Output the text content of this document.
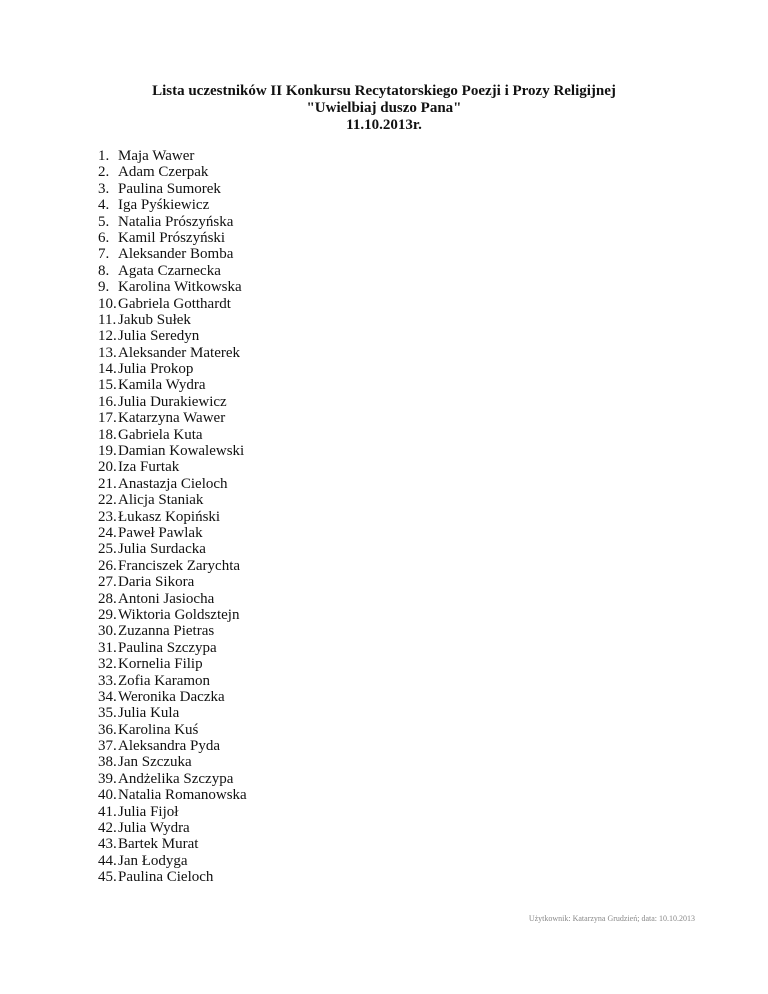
Lista uczestników II Konkursu Recytatorskiego Poezji i Prozy Religijnej
"Uwielbiaj duszo Pana"
11.10.2013r.
1. Maja Wawer
2. Adam Czerpak
3. Paulina Sumorek
4. Iga Pyśkiewicz
5. Natalia Prószyńska
6. Kamil Prószyński
7. Aleksander Bomba
8. Agata Czarnecka
9. Karolina Witkowska
10.Gabriela Gotthardt
11. Jakub Sułek
12.Julia Seredyn
13.Aleksander Materek
14.Julia Prokop
15.Kamila Wydra
16.Julia Durakiewicz
17.Katarzyna Wawer
18.Gabriela Kuta
19.Damian Kowalewski
20.Iza Furtak
21.Anastazja Cieloch
22.Alicja Staniak
23.Łukasz Kopiński
24.Paweł Pawlak
25.Julia Surdacka
26.Franciszek Zarychta
27.Daria Sikora
28.Antoni Jasiocha
29.Wiktoria Goldsztejn
30.Zuzanna Pietras
31.Paulina Szczypa
32.Kornelia Filip
33.Zofia Karamon
34.Weronika Daczka
35.Julia Kula
36.Karolina Kuś
37.Aleksandra Pyda
38.Jan Szczuka
39.Andżelika Szczypa
40.Natalia Romanowska
41.Julia Fijoł
42.Julia Wydra
43.Bartek Murat
44.Jan Łodyga
45.Paulina Cieloch
Użytkownik: Katarzyna Grudzień; data: 10.10.2013
